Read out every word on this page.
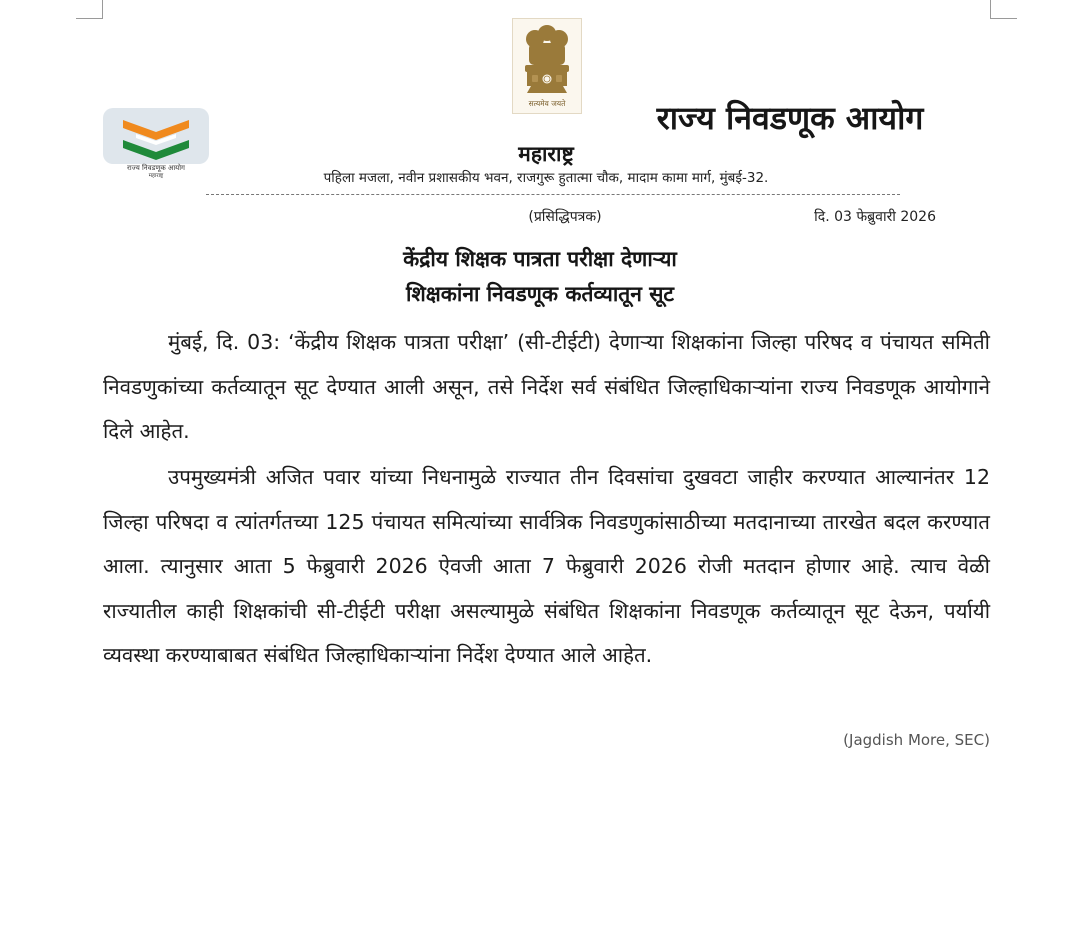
सत्यमेव जयते
राज्य निवडणूक आयोग
महाराष्ट्र
राज्य निवडणूक आयोग
महाराष्ट्र
पहिला मजला, नवीन प्रशासकीय भवन, राजगुरू हुतात्मा चौक, मादाम कामा मार्ग, मुंबई-32.
(प्रसिद्धिपत्रक)	दि. 03 फेब्रुवारी 2026
केंद्रीय शिक्षक पात्रता परीक्षा देणाऱ्या
शिक्षकांना निवडणूक कर्तव्यातून सूट

मुंबई, दि. 03: ‘केंद्रीय शिक्षक पात्रता परीक्षा’ (सी-टीईटी) देणाऱ्या शिक्षकांना जिल्हा परिषद व पंचायत समिती निवडणुकांच्या कर्तव्यातून सूट देण्यात आली असून, तसे निर्देश सर्व संबंधित जिल्हाधिकाऱ्यांना राज्य निवडणूक आयोगाने दिले आहेत.

उपमुख्यमंत्री अजित पवार यांच्या निधनामुळे राज्यात तीन दिवसांचा दुखवटा जाहीर करण्यात आल्यानंतर 12 जिल्हा परिषदा व त्यांतर्गतच्या 125 पंचायत समित्यांच्या सार्वत्रिक निवडणुकांसाठीच्या मतदानाच्या तारखेत बदल करण्यात आला. त्यानुसार आता 5 फेब्रुवारी 2026 ऐवजी आता 7 फेब्रुवारी 2026 रोजी मतदान होणार आहे. त्याच वेळी राज्यातील काही शिक्षकांची सी-टीईटी परीक्षा असल्यामुळे संबंधित शिक्षकांना निवडणूक कर्तव्यातून सूट देऊन, पर्यायी व्यवस्था करण्याबाबत संबंधित जिल्हाधिकाऱ्यांना निर्देश देण्यात आले आहेत.

(Jagdish More, SEC)
